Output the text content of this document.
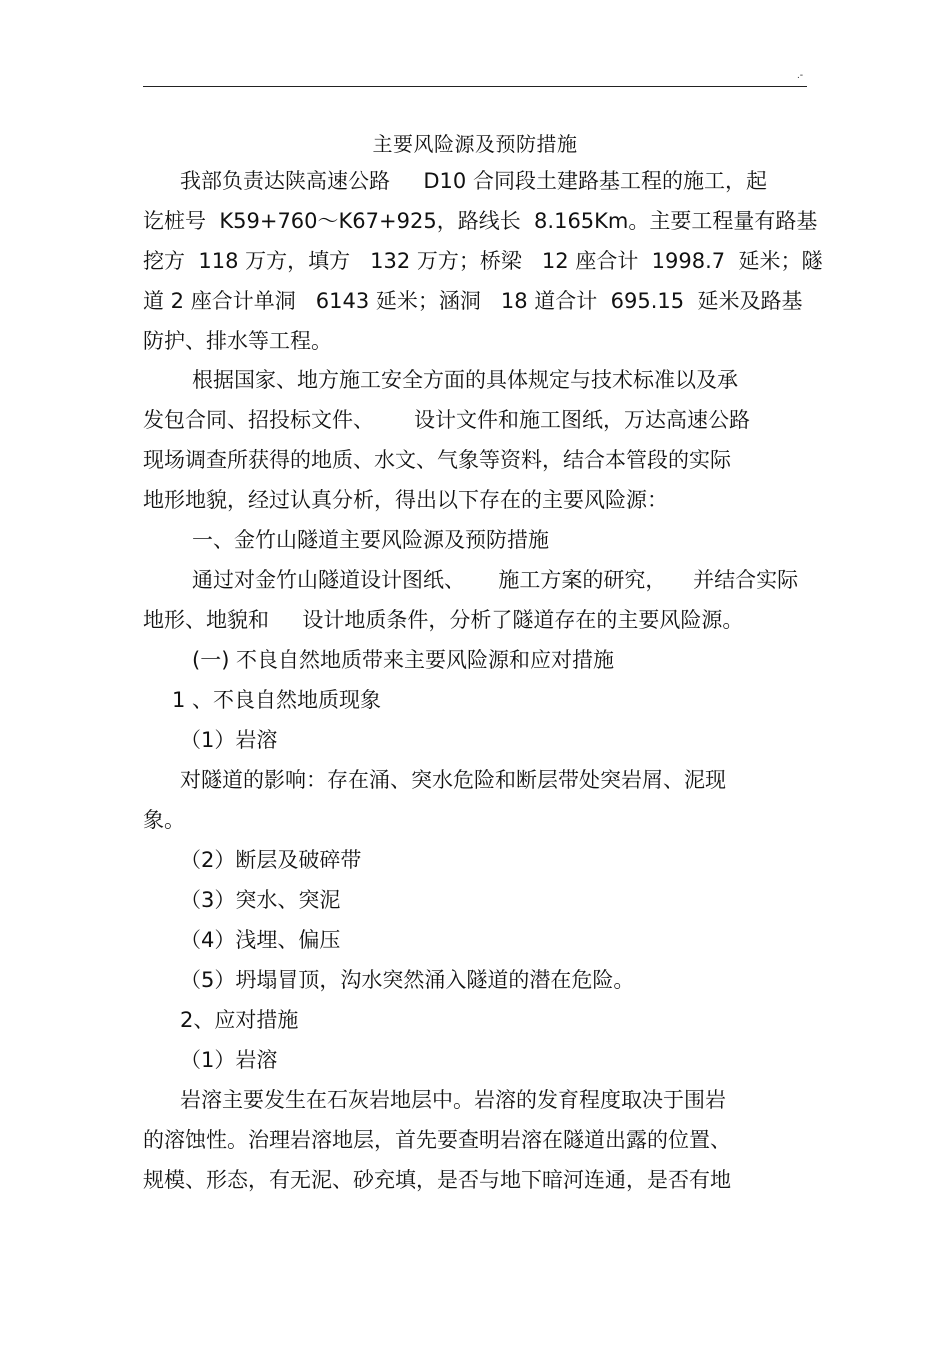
.-
主要风险源及预防措施
我部负责达陕高速公路     D10 合同段土建路基工程的施工，起
讫桩号  K59+760～K67+925，路线长  8.165Km。主要工程量有路基
挖方  118 万方，填方   132 万方；桥梁   12 座合计  1998.7  延米；隧
道 2 座合计单洞   6143 延米；涵洞   18 道合计  695.15  延米及路基
防护、排水等工程。
根据国家、地方施工安全方面的具体规定与技术标准以及承
发包合同、招投标文件、      设计文件和施工图纸，万达高速公路
现场调查所获得的地质、水文、气象等资料，结合本管段的实际
地形地貌，经过认真分析，得出以下存在的主要风险源：
一、金竹山隧道主要风险源及预防措施
通过对金竹山隧道设计图纸、     施工方案的研究，    并结合实际
地形、地貌和     设计地质条件，分析了隧道存在的主要风险源。
(一) 不良自然地质带来主要风险源和应对措施
1 、不良自然地质现象
（1）岩溶
对隧道的影响：存在涌、突水危险和断层带处突岩屑、泥现
象。
（2）断层及破碎带
（3）突水、突泥
（4）浅埋、偏压
（5）坍塌冒顶，沟水突然涌入隧道的潜在危险。
2、应对措施
（1）岩溶
岩溶主要发生在石灰岩地层中。岩溶的发育程度取决于围岩
的溶蚀性。治理岩溶地层，首先要查明岩溶在隧道出露的位置、
规模、形态，有无泥、砂充填，是否与地下暗河连通，是否有地
